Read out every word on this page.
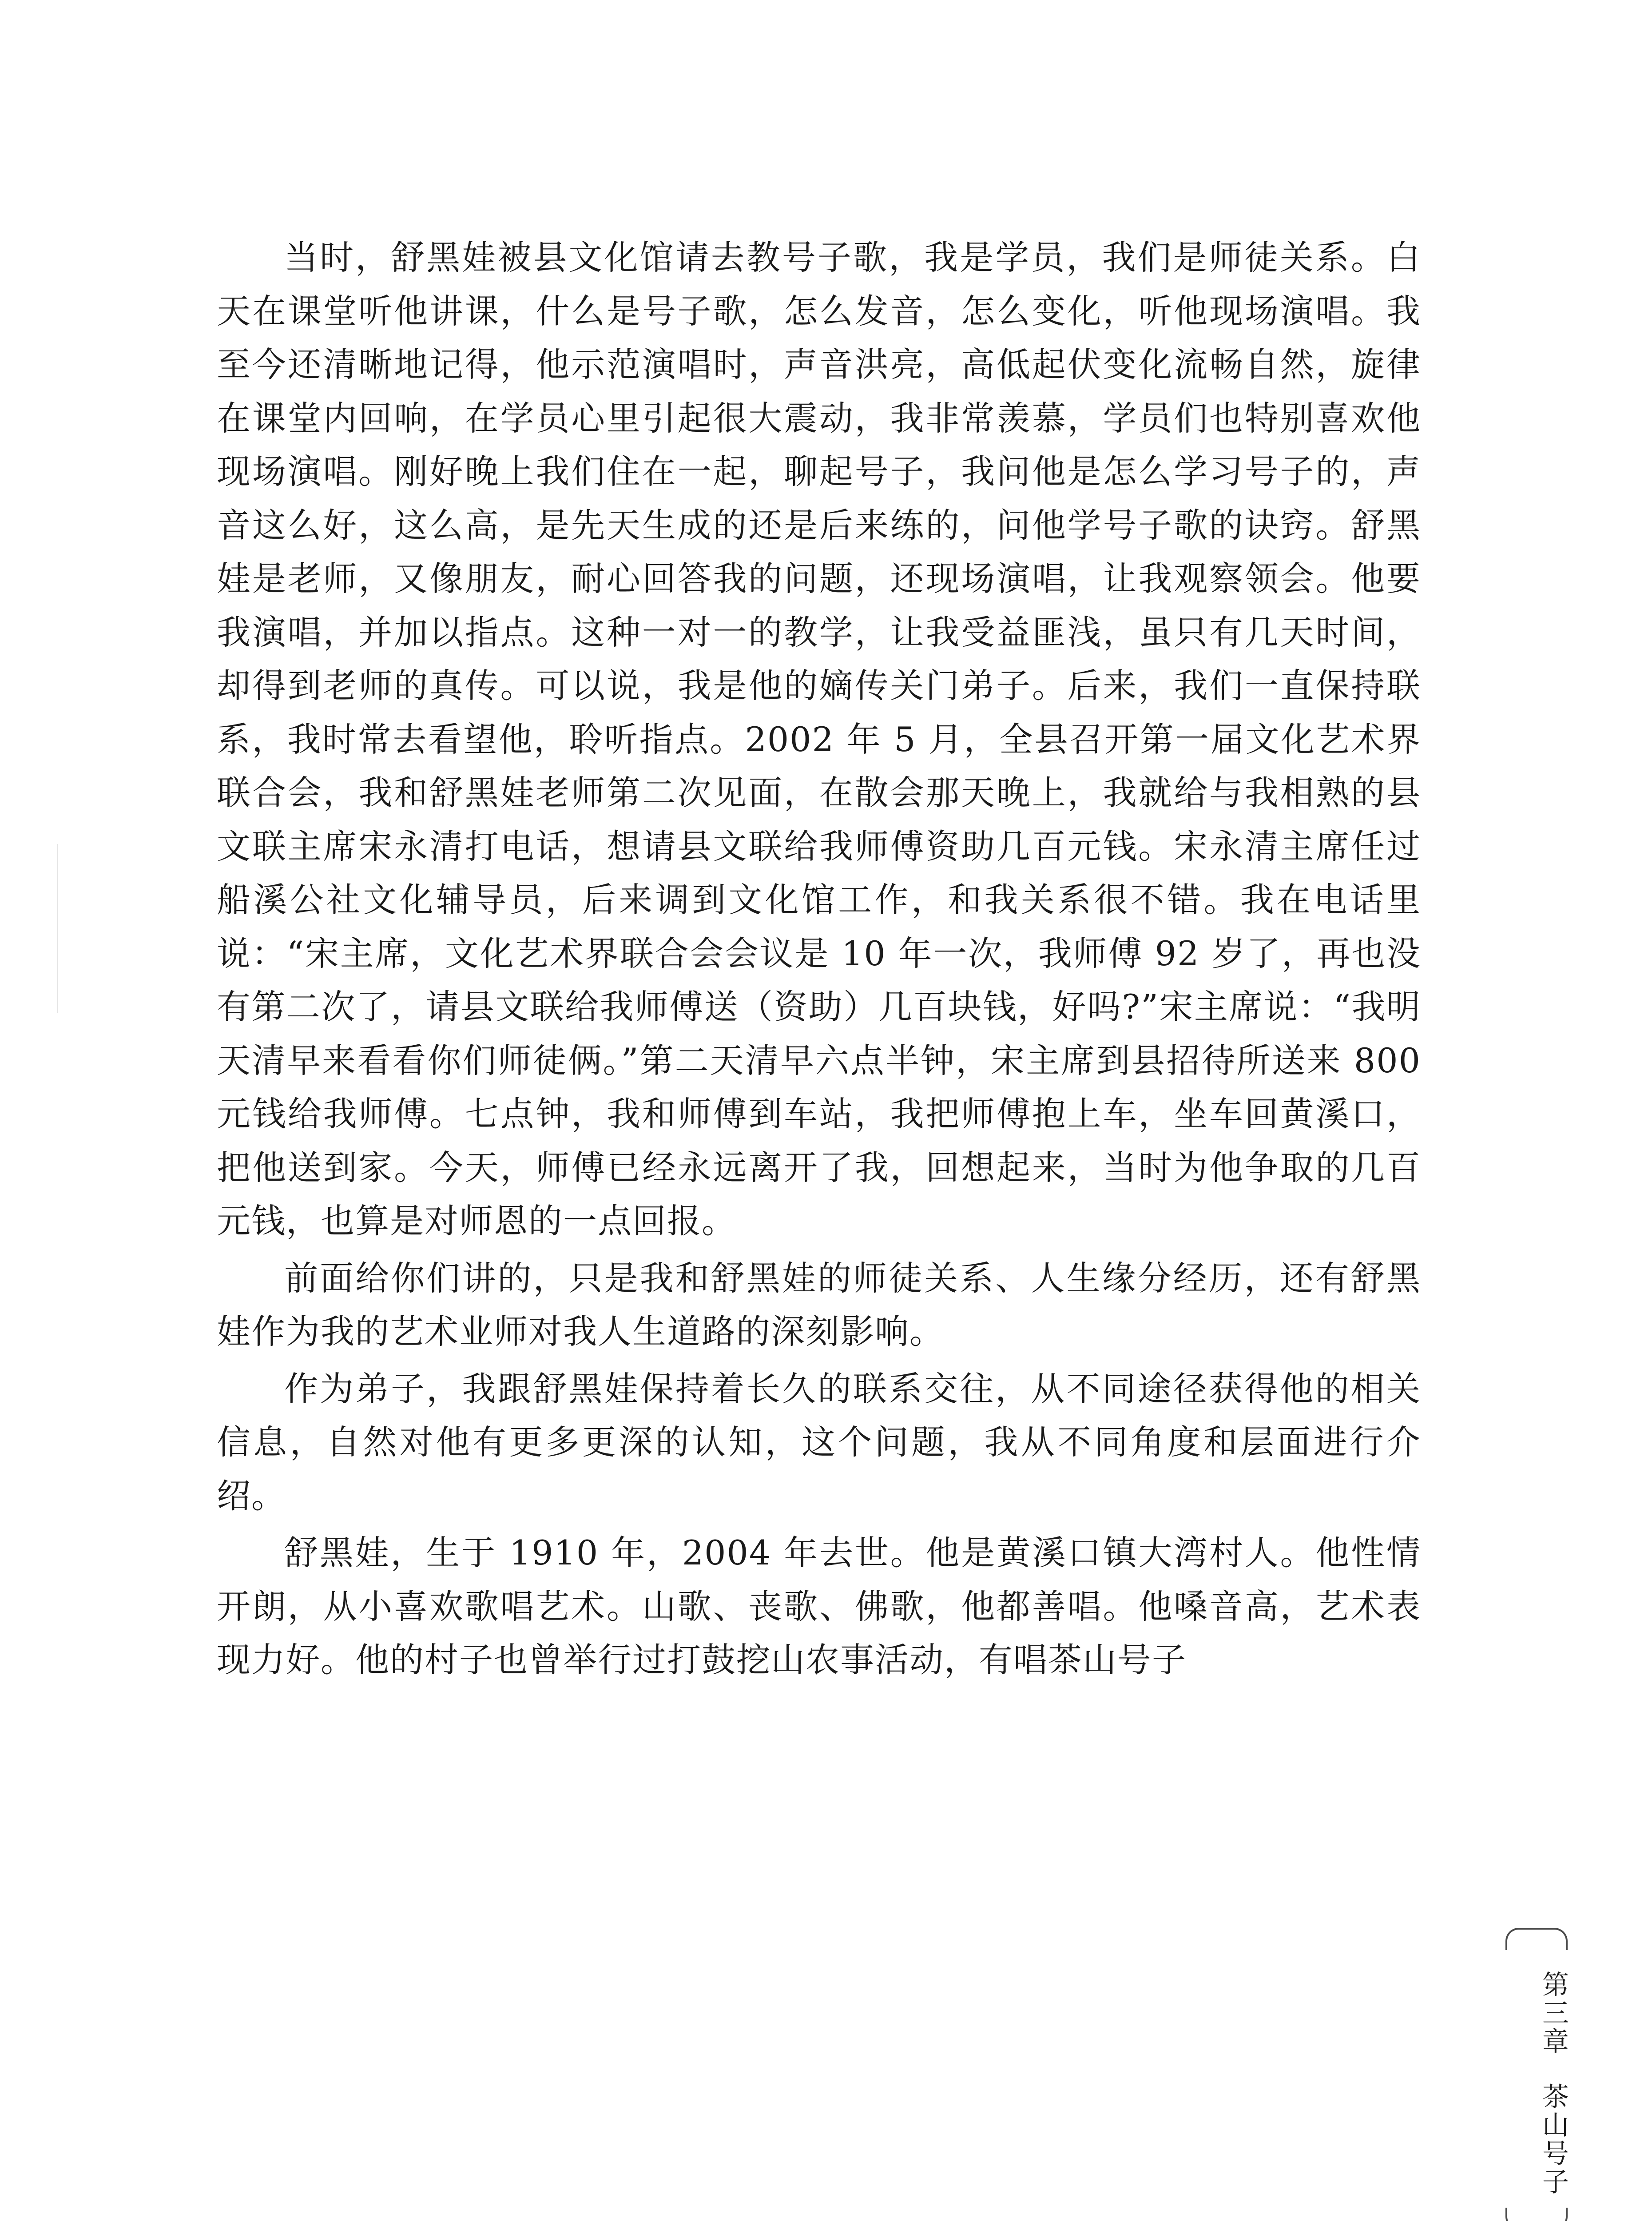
当时，舒黑娃被县文化馆请去教号子歌，我是学员，我们是师徒关系。白天在课堂听他讲课，什么是号子歌，怎么发音，怎么变化，听他现场演唱。我至今还清晰地记得，他示范演唱时，声音洪亮，高低起伏变化流畅自然，旋律在课堂内回响，在学员心里引起很大震动，我非常羡慕，学员们也特别喜欢他现场演唱。刚好晚上我们住在一起，聊起号子，我问他是怎么学习号子的，声音这么好，这么高，是先天生成的还是后来练的，问他学号子歌的诀窍。舒黑娃是老师，又像朋友，耐心回答我的问题，还现场演唱，让我观察领会。他要我演唱，并加以指点。这种一对一的教学，让我受益匪浅，虽只有几天时间，却得到老师的真传。可以说，我是他的嫡传关门弟子。后来，我们一直保持联系，我时常去看望他，聆听指点。2002 年 5 月，全县召开第一届文化艺术界联合会，我和舒黑娃老师第二次见面，在散会那天晚上，我就给与我相熟的县文联主席宋永清打电话，想请县文联给我师傅资助几百元钱。宋永清主席任过船溪公社文化辅导员，后来调到文化馆工作，和我关系很不错。我在电话里说：“宋主席，文化艺术界联合会会议是 10 年一次，我师傅 92 岁了，再也没有第二次了，请县文联给我师傅送（资助）几百块钱，好吗?”宋主席说：“我明天清早来看看你们师徒俩。”第二天清早六点半钟，宋主席到县招待所送来 800 元钱给我师傅。七点钟，我和师傅到车站，我把师傅抱上车，坐车回黄溪口，把他送到家。今天，师傅已经永远离开了我，回想起来，当时为他争取的几百元钱，也算是对师恩的一点回报。

前面给你们讲的，只是我和舒黑娃的师徒关系、人生缘分经历，还有舒黑娃作为我的艺术业师对我人生道路的深刻影响。

作为弟子，我跟舒黑娃保持着长久的联系交往，从不同途径获得他的相关信息，自然对他有更多更深的认知，这个问题，我从不同角度和层面进行介绍。

舒黑娃，生于 1910 年，2004 年去世。他是黄溪口镇大湾村人。他性情开朗，从小喜欢歌唱艺术。山歌、丧歌、佛歌，他都善唱。他嗓音高，艺术表现力好。他的村子也曾举行过打鼓挖山农事活动，有唱茶山号子

第三章茶山号子
